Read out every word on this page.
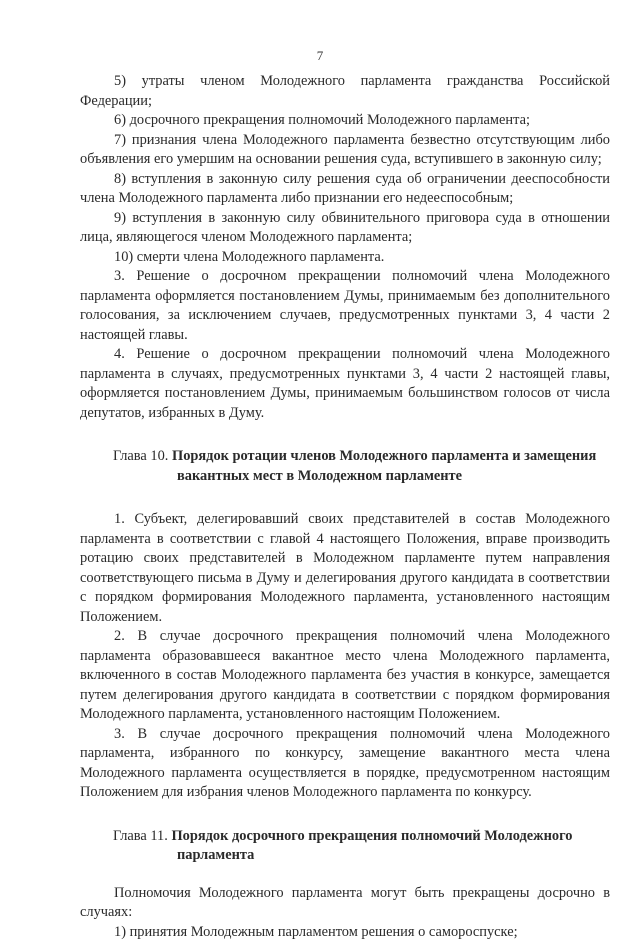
7

5) утраты членом Молодежного парламента гражданства Российской Федерации;

6) досрочного прекращения полномочий Молодежного парламента;

7) признания члена Молодежного парламента безвестно отсутствующим либо объявления его умершим на основании решения суда, вступившего в законную силу;

8) вступления в законную силу решения суда об ограничении дееспособности члена Молодежного парламента либо признании его недееспособным;

9) вступления в законную силу обвинительного приговора суда в отношении лица, являющегося членом Молодежного парламента;

10) смерти члена Молодежного парламента.

3. Решение о досрочном прекращении полномочий члена Молодежного парламента оформляется постановлением Думы, принимаемым без дополнительного голосования, за исключением случаев, предусмотренных пунктами 3, 4 части 2 настоящей главы.

4. Решение о досрочном прекращении полномочий члена Молодежного парламента в случаях, предусмотренных пунктами 3, 4 части 2 настоящей главы, оформляется постановлением Думы, принимаемым большинством голосов от числа депутатов, избранных в Думу.

Глава 10. Порядок ротации членов Молодежного парламента и замещения
вакантных мест в Молодежном парламенте

1. Субъект, делегировавший своих представителей в состав Молодежного парламента в соответствии с главой 4 настоящего Положения, вправе производить ротацию своих представителей в Молодежном парламенте путем направления соответствующего письма в Думу и делегирования другого кандидата в соответствии с порядком формирования Молодежного парламента, установленного настоящим Положением.

2. В случае досрочного прекращения полномочий члена Молодежного парламента образовавшееся вакантное место члена Молодежного парламента, включенного в состав Молодежного парламента без участия в конкурсе, замещается путем делегирования другого кандидата в соответствии с порядком формирования Молодежного парламента, установленного настоящим Положением.

3. В случае досрочного прекращения полномочий члена Молодежного парламента, избранного по конкурсу, замещение вакантного места члена Молодежного парламента осуществляется в порядке, предусмотренном настоящим Положением для избрания членов Молодежного парламента по конкурсу.

Глава 11. Порядок досрочного прекращения полномочий Молодежного
парламента

Полномочия Молодежного парламента могут быть прекращены досрочно в случаях:

1) принятия Молодежным парламентом решения о самороспуске;
